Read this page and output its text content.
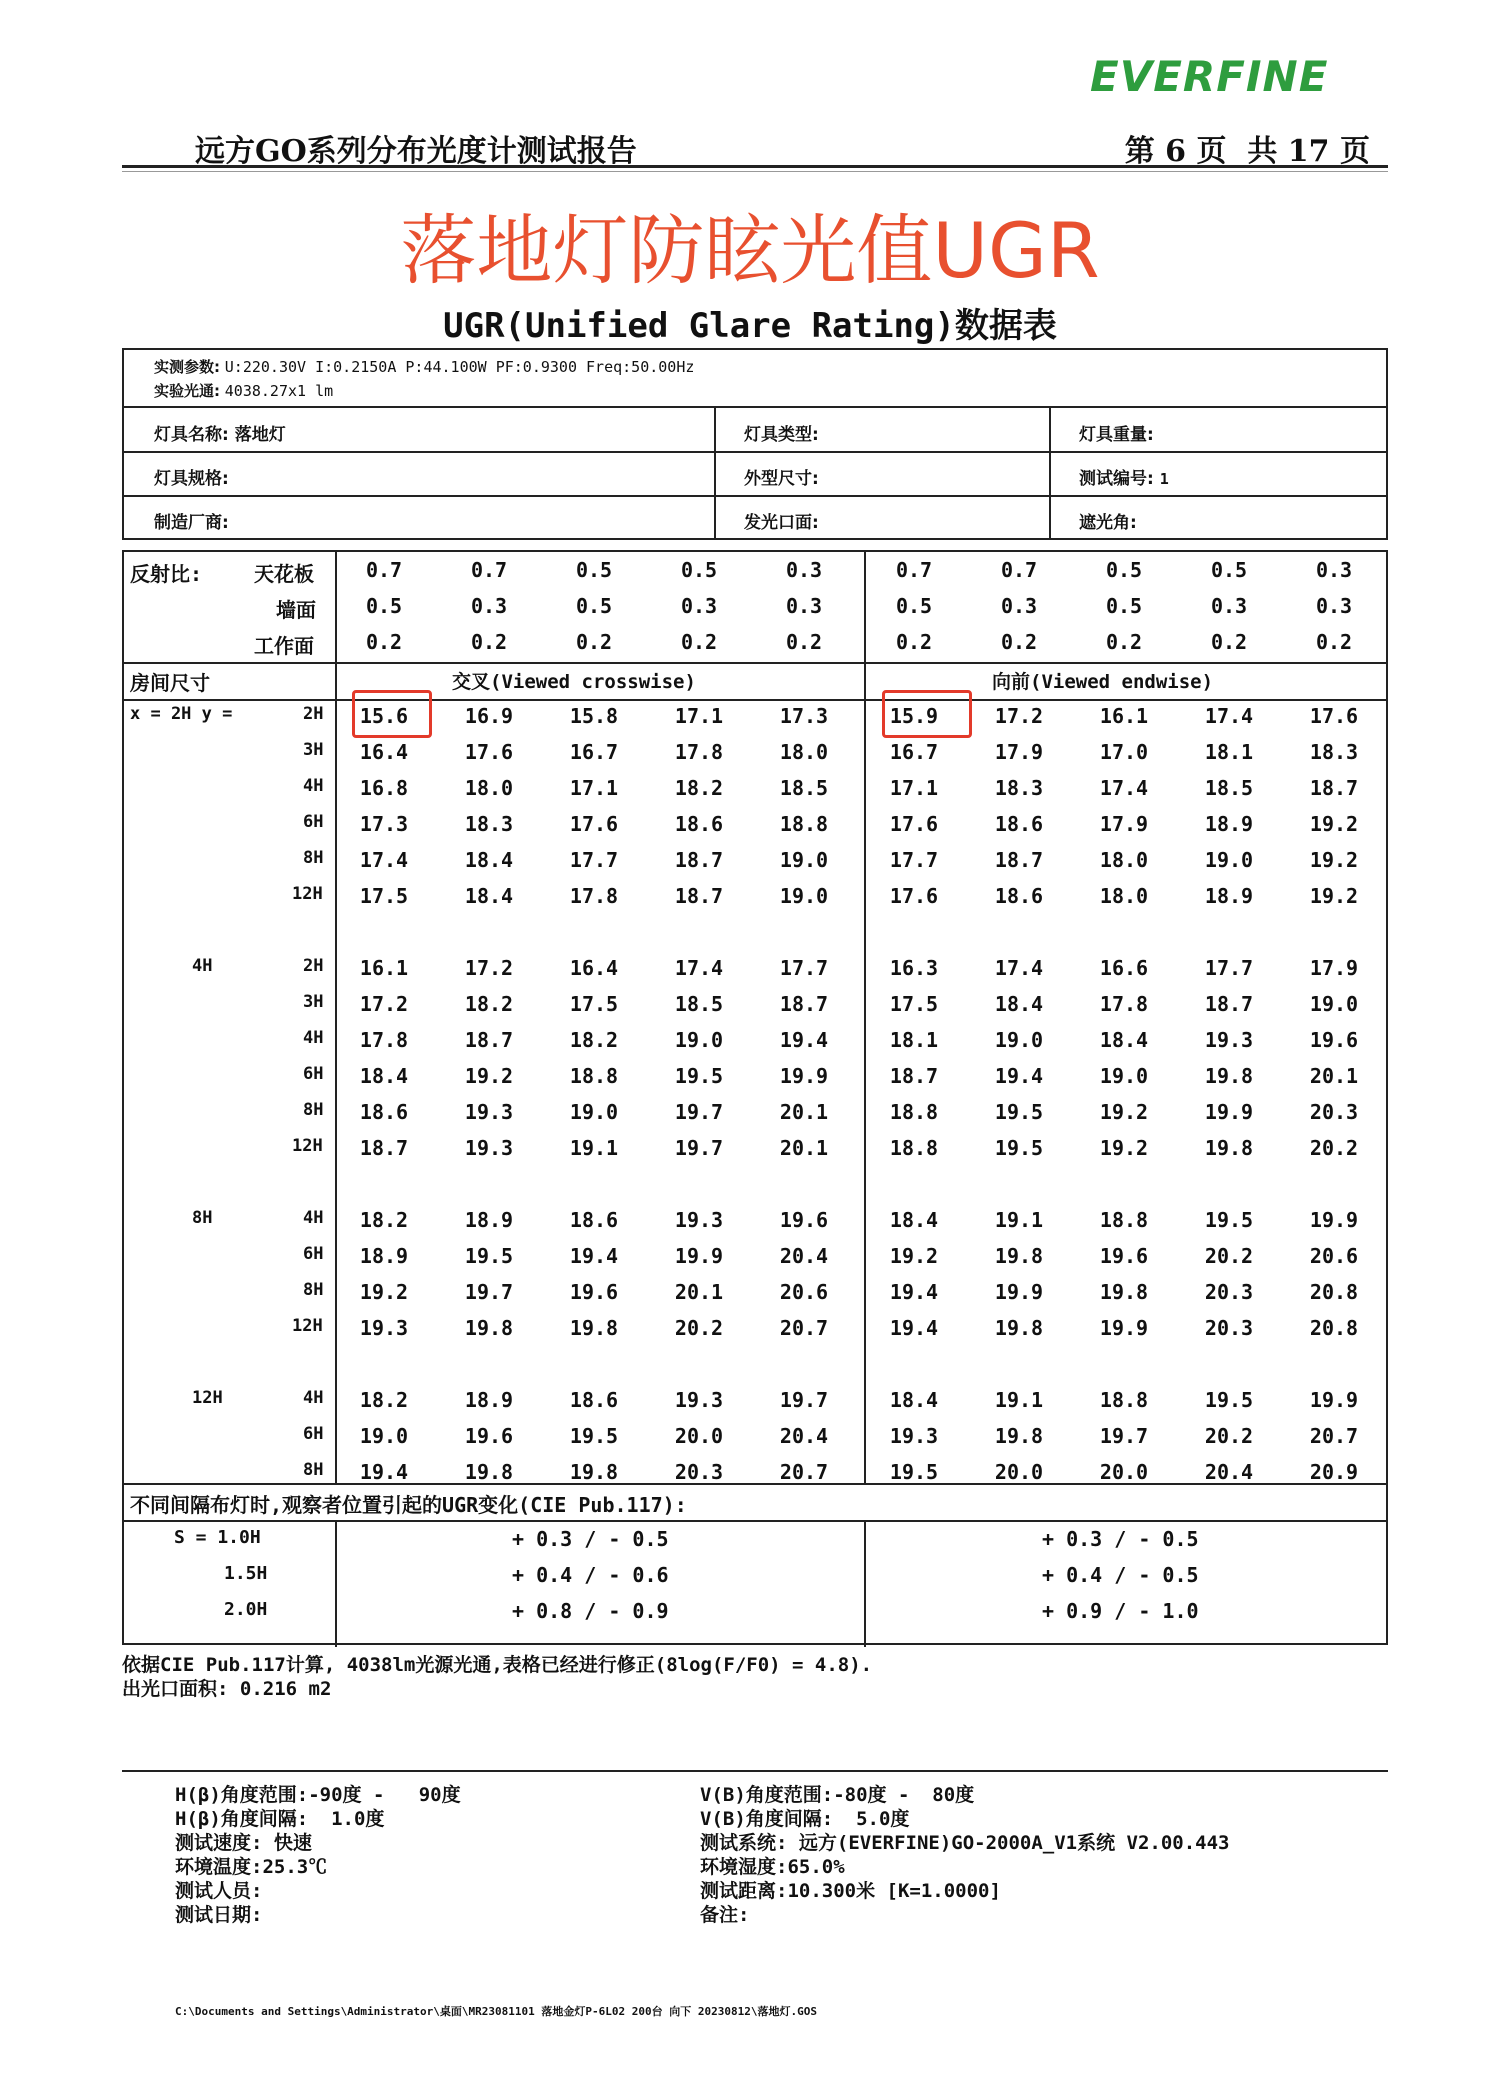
EVERFINE
远方GO系列分布光度计测试报告	第 6 页  共 17 页
落地灯防眩光值UGR
UGR(Unified Glare Rating)数据表
实测参数: U:220.30V I:0.2150A P:44.100W PF:0.9300 Freq:50.00Hz
实验光通: 4038.27x1 lm
灯具名称: 落地灯	灯具类型:	灯具重量:
灯具规格:	外型尺寸:	测试编号: 1
制造厂商:	发光口面:	遮光角:
反射比:	天花板	0.7	0.7	0.5	0.5	0.3	0.7	0.7	0.5	0.5	0.3
墙面	0.5	0.3	0.5	0.3	0.3	0.5	0.3	0.5	0.3	0.3
工作面	0.2	0.2	0.2	0.2	0.2	0.2	0.2	0.2	0.2	0.2
房间尺寸	交叉(Viewed crosswise)	向前(Viewed endwise)
x = 2H y =	2H	15.6	16.9	15.8	17.1	17.3	15.9	17.2	16.1	17.4	17.6
3H	16.4	17.6	16.7	17.8	18.0	16.7	17.9	17.0	18.1	18.3
4H	16.8	18.0	17.1	18.2	18.5	17.1	18.3	17.4	18.5	18.7
6H	17.3	18.3	17.6	18.6	18.8	17.6	18.6	17.9	18.9	19.2
8H	17.4	18.4	17.7	18.7	19.0	17.7	18.7	18.0	19.0	19.2
12H	17.5	18.4	17.8	18.7	19.0	17.6	18.6	18.0	18.9	19.2
4H	2H	16.1	17.2	16.4	17.4	17.7	16.3	17.4	16.6	17.7	17.9
3H	17.2	18.2	17.5	18.5	18.7	17.5	18.4	17.8	18.7	19.0
4H	17.8	18.7	18.2	19.0	19.4	18.1	19.0	18.4	19.3	19.6
6H	18.4	19.2	18.8	19.5	19.9	18.7	19.4	19.0	19.8	20.1
8H	18.6	19.3	19.0	19.7	20.1	18.8	19.5	19.2	19.9	20.3
12H	18.7	19.3	19.1	19.7	20.1	18.8	19.5	19.2	19.8	20.2
8H	4H	18.2	18.9	18.6	19.3	19.6	18.4	19.1	18.8	19.5	19.9
6H	18.9	19.5	19.4	19.9	20.4	19.2	19.8	19.6	20.2	20.6
8H	19.2	19.7	19.6	20.1	20.6	19.4	19.9	19.8	20.3	20.8
12H	19.3	19.8	19.8	20.2	20.7	19.4	19.8	19.9	20.3	20.8
12H	4H	18.2	18.9	18.6	19.3	19.7	18.4	19.1	18.8	19.5	19.9
6H	19.0	19.6	19.5	20.0	20.4	19.3	19.8	19.7	20.2	20.7
8H	19.4	19.8	19.8	20.3	20.7	19.5	20.0	20.0	20.4	20.9
不同间隔布灯时,观察者位置引起的UGR变化(CIE Pub.117):
S = 1.0H	+ 0.3 / - 0.5	+ 0.3 / - 0.5
1.5H	+ 0.4 / - 0.6	+ 0.4 / - 0.5
2.0H	+ 0.8 / - 0.9	+ 0.9 / - 1.0
H(β)角度范围:-90度 -   90度
H(β)角度间隔:  1.0度
测试速度: 快速
环境温度:25.3℃
测试人员:
测试日期:
V(B)角度范围:-80度 -  80度
V(B)角度间隔:  5.0度
测试系统: 远方(EVERFINE)GO-2000A_V1系统 V2.00.443
环境湿度:65.0%
测试距离:10.300米 [K=1.0000]
备注:
依据CIE Pub.117计算, 4038lm光源光通,表格已经进行修正(8log(F/F0) = 4.8).
出光口面积: 0.216 m2
C:\Documents and Settings\Administrator\桌面\MR23081101 落地金灯P-6L02 200台 向下 20230812\落地灯.GOS
